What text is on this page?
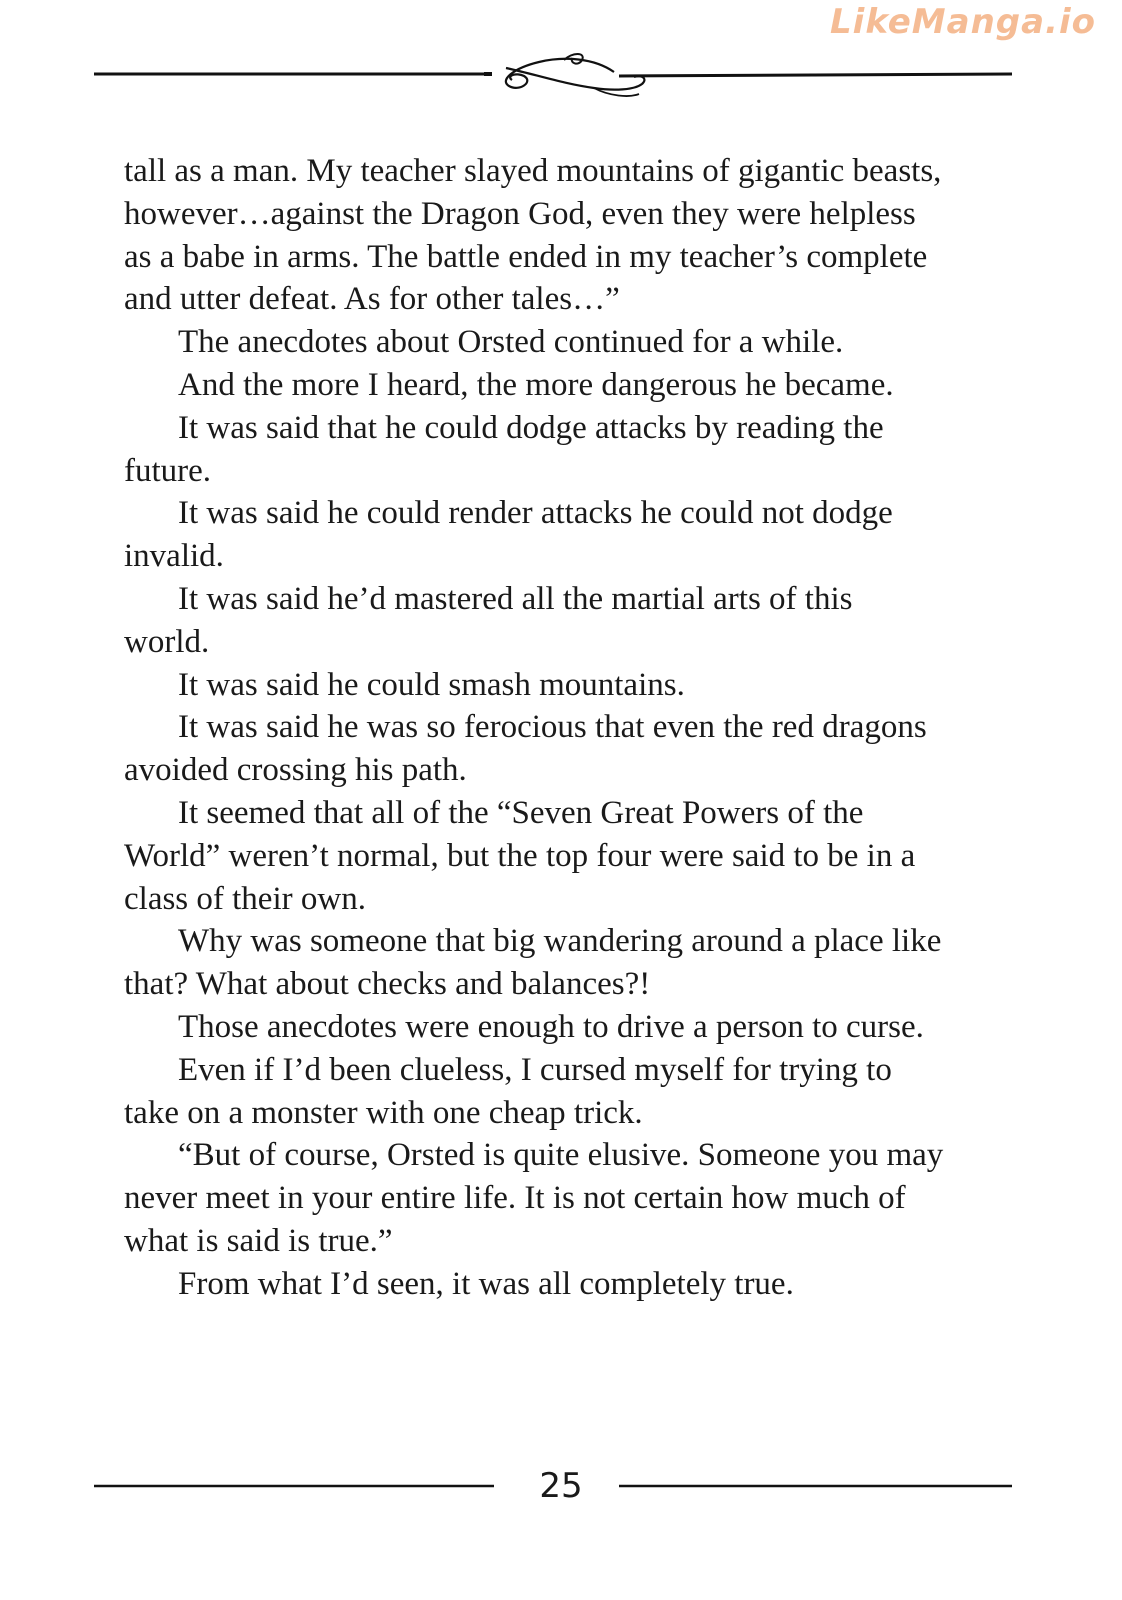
LikeManga.io

tall as a man. My teacher slayed mountains of gigantic beasts, however…against the Dragon God, even they were helpless as a babe in arms. The battle ended in my teacher’s complete and utter defeat. As for other tales…”

The anecdotes about Orsted continued for a while.

And the more I heard, the more dangerous he became.

It was said that he could dodge attacks by reading the future.

It was said he could render attacks he could not dodge invalid.

It was said he’d mastered all the martial arts of this world.

It was said he could smash mountains.

It was said he was so ferocious that even the red dragons avoided crossing his path.

It seemed that all of the “Seven Great Powers of the World” weren’t normal, but the top four were said to be in a class of their own.

Why was someone that big wandering around a place like that? What about checks and balances?!

Those anecdotes were enough to drive a person to curse.

Even if I’d been clueless, I cursed myself for trying to take on a monster with one cheap trick.

“But of course, Orsted is quite elusive. Someone you may never meet in your entire life. It is not certain how much of what is said is true.”

From what I’d seen, it was all completely true.

25
